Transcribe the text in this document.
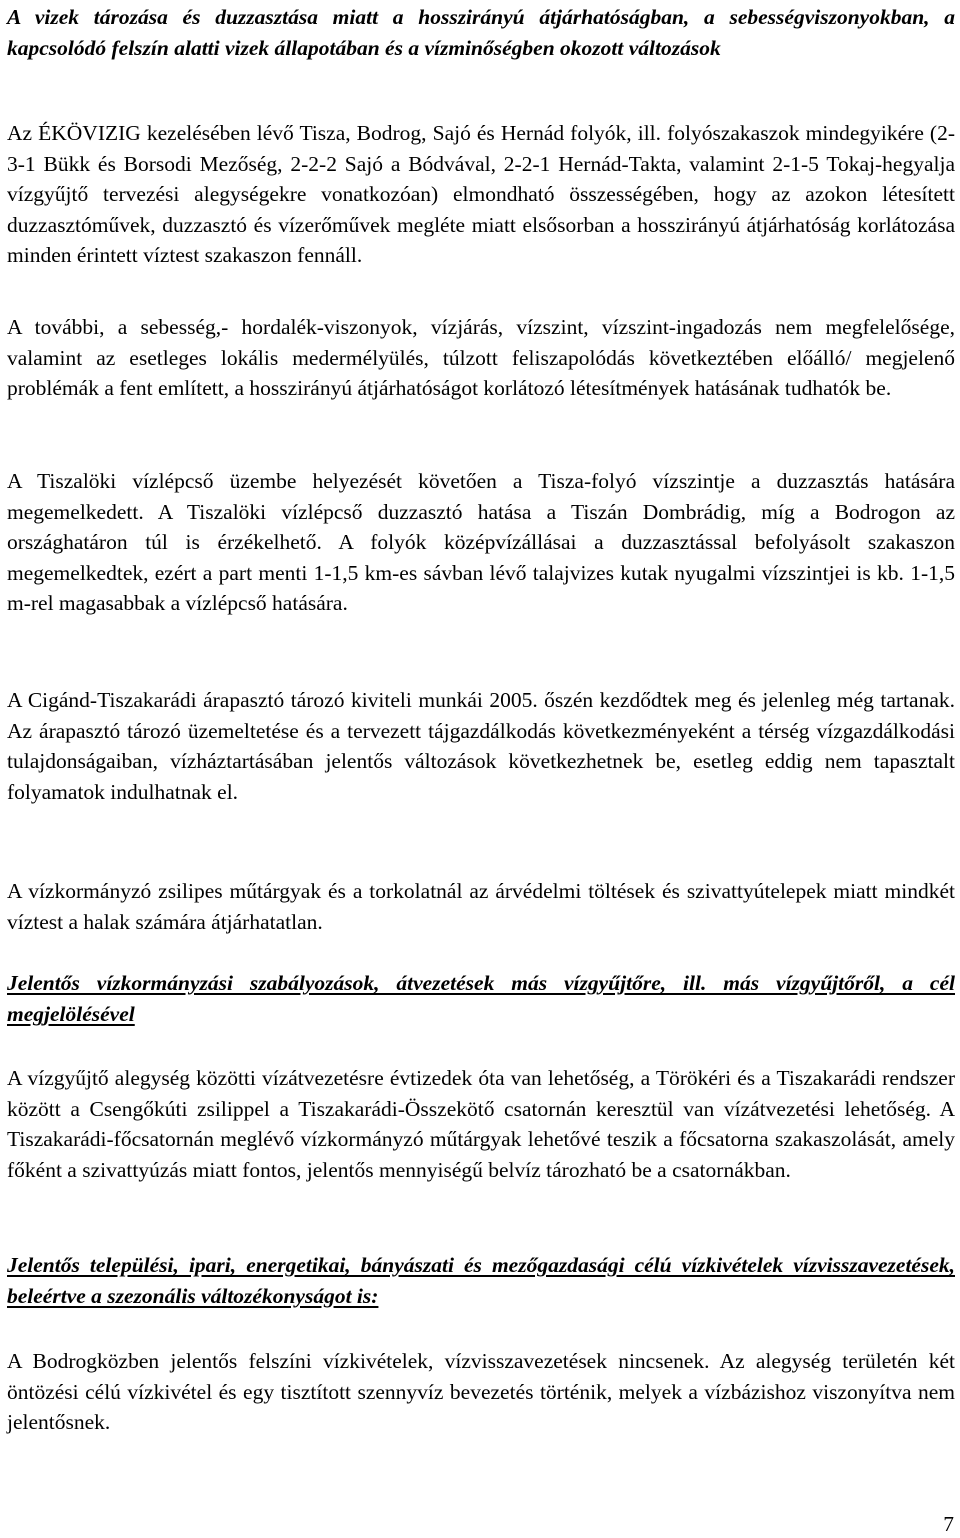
A vizek tározása és duzzasztása miatt a hosszirányú átjárhatóságban, a sebességviszonyokban, a kapcsolódó felszín alatti vizek állapotában és a vízminőségben okozott változások

Az ÉKÖVIZIG kezelésében lévő Tisza, Bodrog, Sajó és Hernád folyók, ill. folyószakaszok mindegyikére (2-3-1 Bükk és Borsodi Mezőség, 2-2-2 Sajó a Bódvával, 2-2-1 Hernád-Takta, valamint 2-1-5 Tokaj-hegyalja vízgyűjtő tervezési alegységekre vonatkozóan) elmondható összességében, hogy az azokon létesített duzzasztóművek, duzzasztó és vízerőművek megléte miatt elsősorban a hosszirányú átjárhatóság korlátozása minden érintett víztest szakaszon fennáll.

A további, a sebesség,- hordalék-viszonyok, vízjárás, vízszint, vízszint-ingadozás nem megfelelősége, valamint az esetleges lokális medermélyülés, túlzott feliszapolódás következtében előálló/ megjelenő problémák a fent említett, a hosszirányú átjárhatóságot korlátozó létesítmények hatásának tudhatók be.

A Tiszalöki vízlépcső üzembe helyezését követően a Tisza-folyó vízszintje a duzzasztás hatására megemelkedett. A Tiszalöki vízlépcső duzzasztó hatása a Tiszán Dombrádig, míg a Bodrogon az országhatáron túl is érzékelhető. A folyók középvízállásai a duzzasztással befolyásolt szakaszon megemelkedtek, ezért a part menti 1-1,5 km-es sávban lévő talajvizes kutak nyugalmi vízszintjei is kb. 1-1,5 m-rel magasabbak a vízlépcső hatására.

A Cigánd-Tiszakarádi árapasztó tározó kiviteli munkái 2005. őszén kezdődtek meg és jelenleg még tartanak. Az árapasztó tározó üzemeltetése és a tervezett tájgazdálkodás következményeként a térség vízgazdálkodási tulajdonságaiban, vízháztartásában jelentős változások következhetnek be, esetleg eddig nem tapasztalt folyamatok indulhatnak el.

A vízkormányzó zsilipes műtárgyak és a torkolatnál az árvédelmi töltések és szivattyútelepek miatt mindkét víztest a halak számára átjárhatatlan.

Jelentős vízkormányzási szabályozások, átvezetések más vízgyűjtőre, ill. más vízgyűjtőről, a cél megjelölésével

A vízgyűjtő alegység közötti vízátvezetésre évtizedek óta van lehetőség, a Törökéri és a Tiszakarádi rendszer között a Csengőkúti zsilippel a Tiszakarádi-Összekötő csatornán keresztül van vízátvezetési lehetőség. A Tiszakarádi-főcsatornán meglévő vízkormányzó műtárgyak lehetővé teszik a főcsatorna szakaszolását, amely főként a szivattyúzás miatt fontos, jelentős mennyiségű belvíz tározható be a csatornákban.

Jelentős települési, ipari, energetikai, bányászati és mezőgazdasági célú vízkivételek vízvisszavezetések, beleértve a szezonális változékonyságot is:

A Bodrogközben jelentős felszíni vízkivételek, vízvisszavezetések nincsenek. Az alegység területén két öntözési célú vízkivétel és egy tisztított szennyvíz bevezetés történik, melyek a vízbázishoz viszonyítva nem jelentősnek.

7
